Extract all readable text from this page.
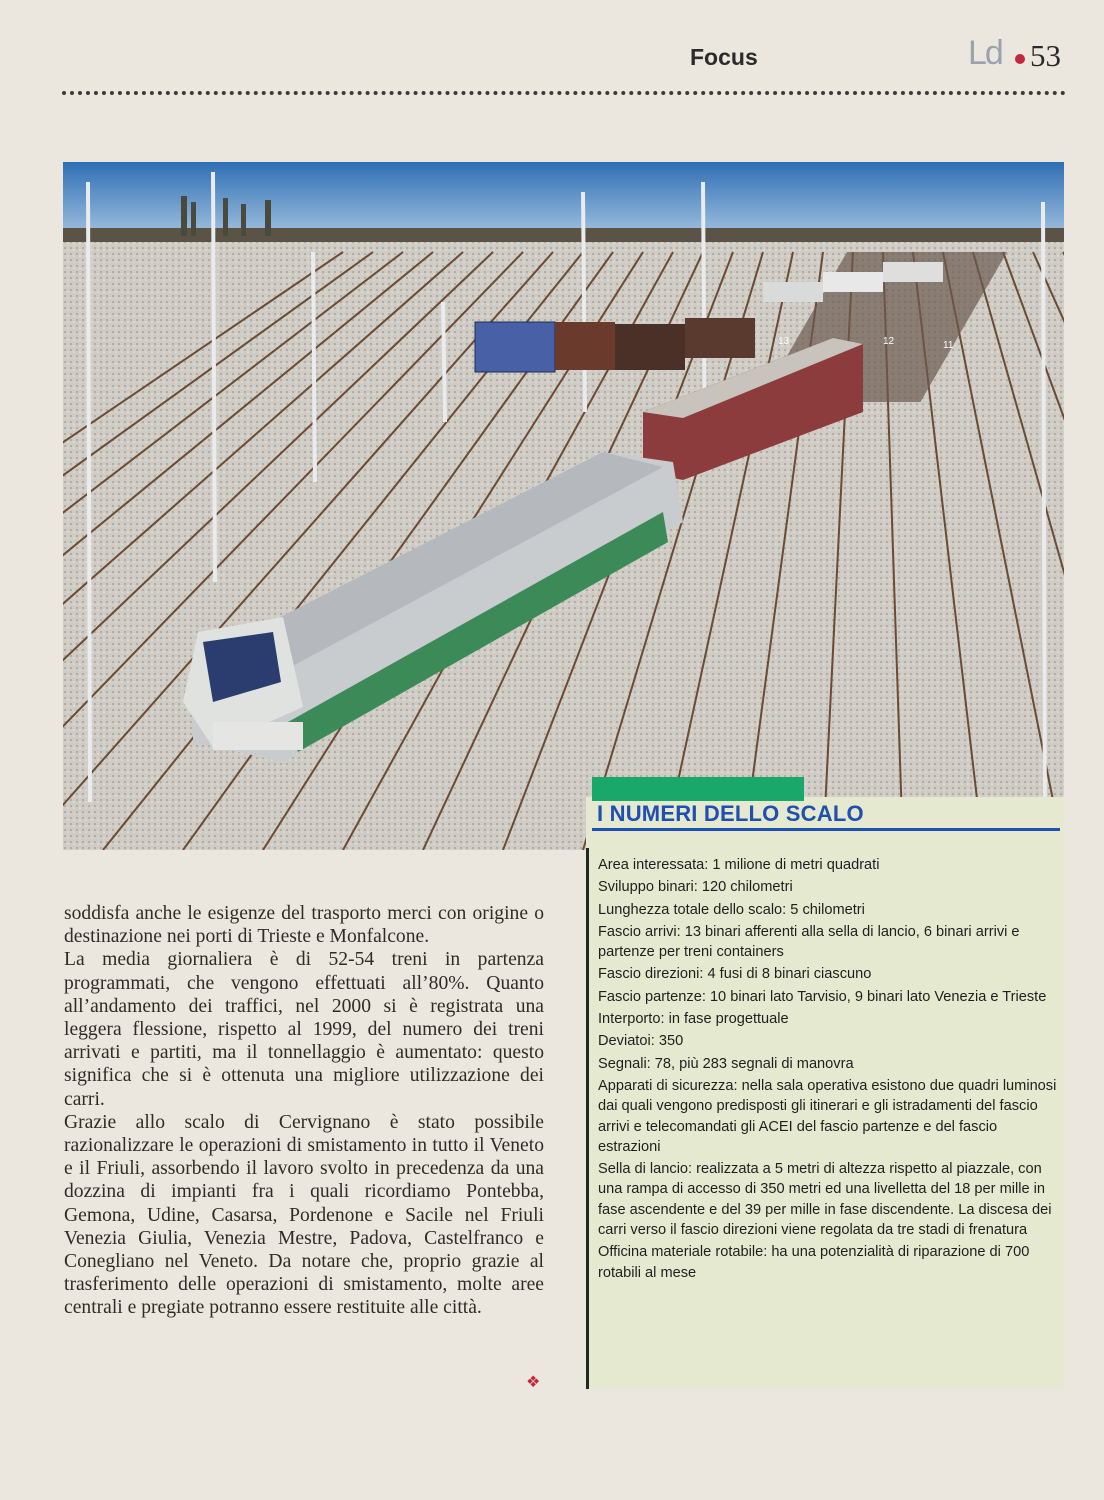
Focus	Ld 53
13	12	11

soddisfa anche le esigenze del trasporto merci con origine o destinazione nei porti di Trieste e Monfalcone.

La media giornaliera è di 52-54 treni in partenza programmati, che vengono effettuati all’80%. Quanto all’andamento dei traffici, nel 2000 si è registrata una leggera flessione, rispetto al 1999, del numero dei treni arrivati e partiti, ma il tonnellaggio è aumentato: questo significa che si è ottenuta una migliore utilizzazione dei carri.

Grazie allo scalo di Cervignano è stato possibile razionalizzare le operazioni di smistamento in tutto il Veneto e il Friuli, assorbendo il lavoro svolto in precedenza da una dozzina di impianti fra i quali ricordiamo Pontebba, Gemona, Udine, Casarsa, Pordenone e Sacile nel Friuli Venezia Giulia, Venezia Mestre, Padova, Castelfranco e Conegliano nel Veneto. Da notare che, proprio grazie al trasferimento delle operazioni di smistamento, molte aree centrali e pregiate potranno essere restituite alle città.

❖
I NUMERI DELLO SCALO
Area interessata: 1 milione di metri quadrati
Sviluppo binari: 120 chilometri
Lunghezza totale dello scalo: 5 chilometri
Fascio arrivi: 13 binari afferenti alla sella di lancio, 6 binari arrivi e partenze per treni containers
Fascio direzioni: 4 fusi di 8 binari ciascuno
Fascio partenze: 10 binari lato Tarvisio, 9 binari lato Venezia e Trieste
Interporto: in fase progettuale
Deviatoi: 350
Segnali: 78, più 283 segnali di manovra
Apparati di sicurezza: nella sala operativa esistono due quadri luminosi dai quali vengono predisposti gli itinerari e gli istradamenti del fascio arrivi e telecomandati gli ACEI del fascio partenze e del fascio estrazioni
Sella di lancio: realizzata a 5 metri di altezza rispetto al piazzale, con una rampa di accesso di 350 metri ed una livelletta del 18 per mille in fase ascendente e del 39 per mille in fase discendente. La discesa dei carri verso il fascio direzioni viene regolata da tre stadi di frenatura
Officina materiale rotabile: ha una potenzialità di riparazione di 700 rotabili al mese
